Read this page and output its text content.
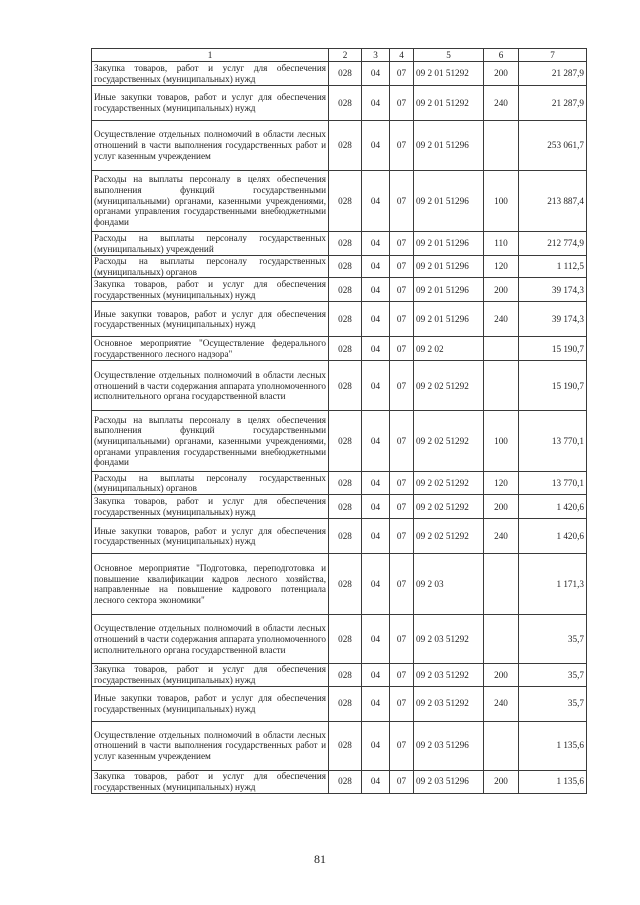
1	2	3	4	5	6	7
Закупка товаров, работ и услуг для обеспечения государственных (муниципальных) нужд	028	04	07	09 2 01 51292	200	21 287,9
Иные закупки товаров, работ и услуг для обеспечения государственных (муниципальных) нужд	028	04	07	09 2 01 51292	240	21 287,9
Осуществление отдельных полномочий в области лесных отношений в части выполнения государственных работ и услуг казенным учреждением	028	04	07	09 2 01 51296		253 061,7
Расходы на выплаты персоналу в целях обеспечения выполнения функций государственными (муниципальными) органами, казенными учреждениями, органами управления государственными внебюджетными фондами	028	04	07	09 2 01 51296	100	213 887,4
Расходы на выплаты персоналу государственных (муниципальных) учреждений	028	04	07	09 2 01 51296	110	212 774,9
Расходы на выплаты персоналу государственных (муниципальных) органов	028	04	07	09 2 01 51296	120	1 112,5
Закупка товаров, работ и услуг для обеспечения государственных (муниципальных) нужд	028	04	07	09 2 01 51296	200	39 174,3
Иные закупки товаров, работ и услуг для обеспечения государственных (муниципальных) нужд	028	04	07	09 2 01 51296	240	39 174,3
Основное мероприятие "Осуществление федерального государственного лесного надзора"	028	04	07	09 2 02		15 190,7
Осуществление отдельных полномочий в области лесных отношений в части содержания аппарата уполномоченного исполнительного органа государственной власти	028	04	07	09 2 02 51292		15 190,7
Расходы на выплаты персоналу в целях обеспечения выполнения функций государственными (муниципальными) органами, казенными учреждениями, органами управления государственными внебюджетными фондами	028	04	07	09 2 02 51292	100	13 770,1
Расходы на выплаты персоналу государственных (муниципальных) органов	028	04	07	09 2 02 51292	120	13 770,1
Закупка товаров, работ и услуг для обеспечения государственных (муниципальных) нужд	028	04	07	09 2 02 51292	200	1 420,6
Иные закупки товаров, работ и услуг для обеспечения государственных (муниципальных) нужд	028	04	07	09 2 02 51292	240	1 420,6
Основное мероприятие "Подготовка, переподготовка и повышение квалификации кадров лесного хозяйства, направленные на повышение кадрового потенциала лесного сектора экономики"	028	04	07	09 2 03		1 171,3
Осуществление отдельных полномочий в области лесных отношений в части содержания аппарата уполномоченного исполнительного органа государственной власти	028	04	07	09 2 03 51292		35,7
Закупка товаров, работ и услуг для обеспечения государственных (муниципальных) нужд	028	04	07	09 2 03 51292	200	35,7
Иные закупки товаров, работ и услуг для обеспечения государственных (муниципальных) нужд	028	04	07	09 2 03 51292	240	35,7
Осуществление отдельных полномочий в области лесных отношений в части выполнения государственных работ и услуг казенным учреждением	028	04	07	09 2 03 51296		1 135,6
Закупка товаров, работ и услуг для обеспечения государственных (муниципальных) нужд	028	04	07	09 2 03 51296	200	1 135,6
81
